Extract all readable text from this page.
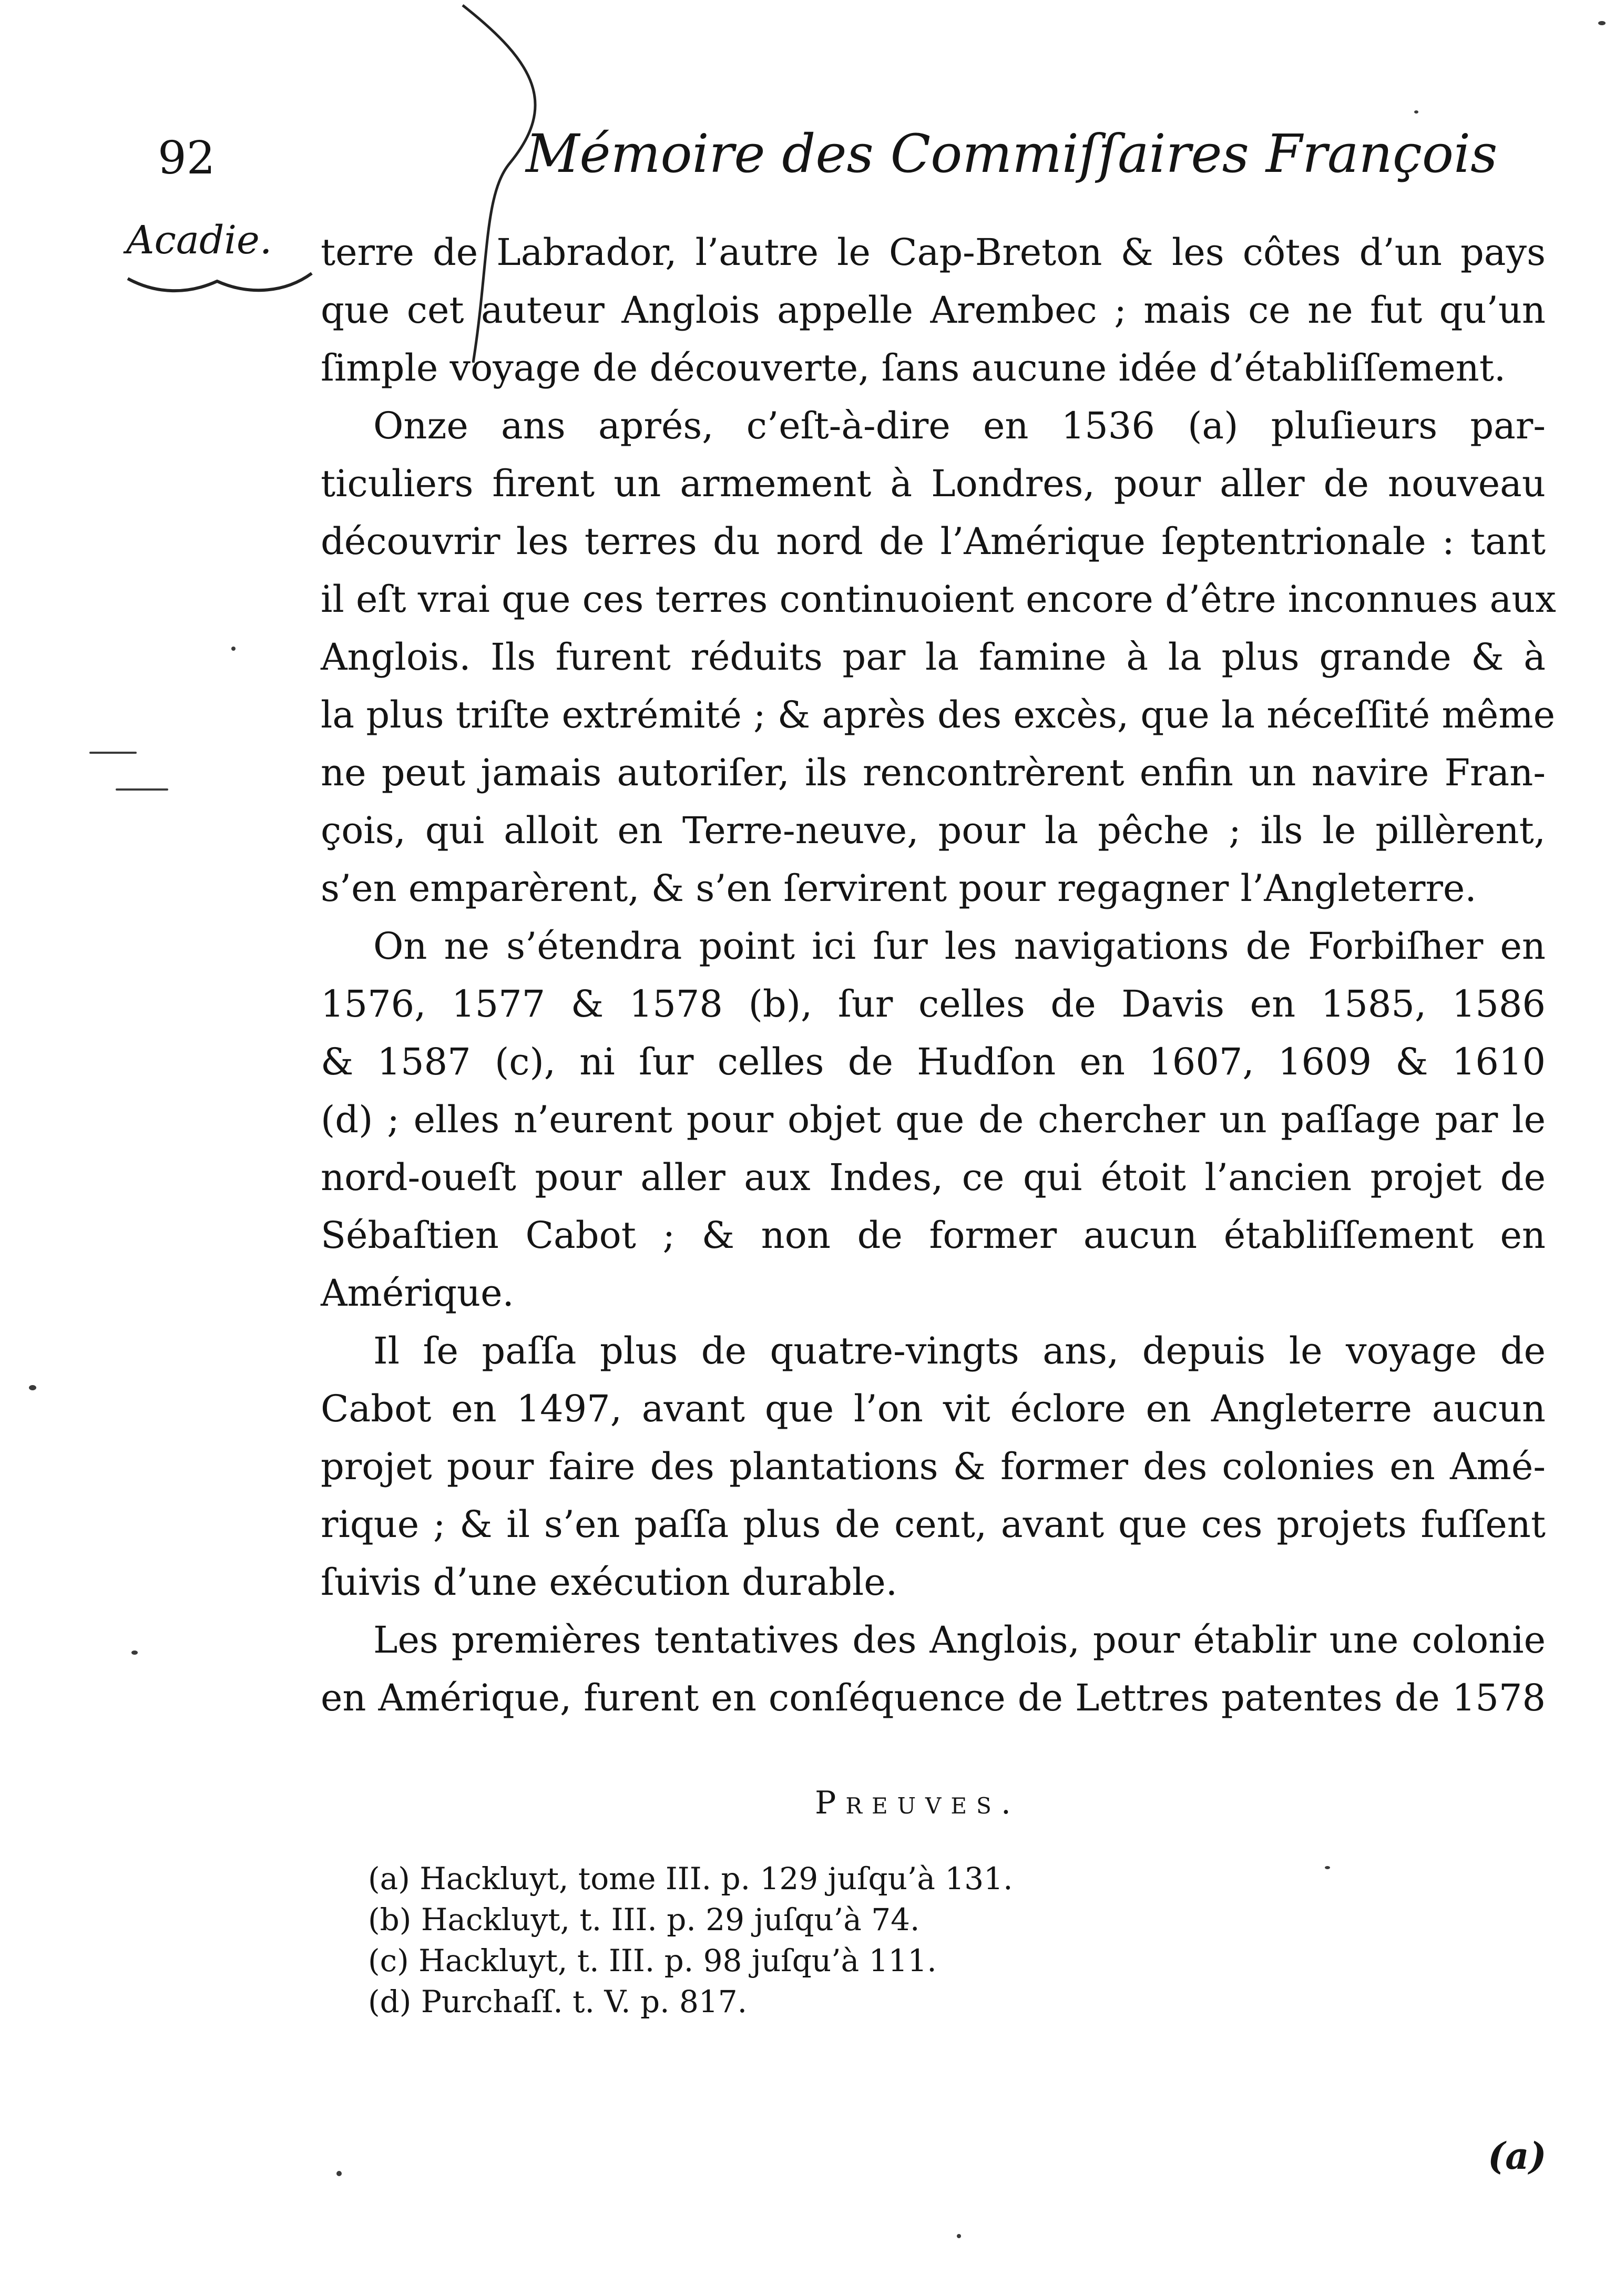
92	Mémoire des Commiſſaires François
Acadie. terre de Labrador, l’autre le Cap-Breton & les côtes d’un pays
que cet auteur Anglois appelle Arembec ; mais ce ne fut qu’un
ſimple voyage de découverte, ſans aucune idée d’établiſſement.
Onze ans aprés, c’eſt-à-dire en 1536 (a) pluſieurs par-
ticuliers firent un armement à Londres, pour aller de nouveau
découvrir les terres du nord de l’Amérique ſeptentrionale : tant
il eſt vrai que ces terres continuoient encore d’être inconnues aux
Anglois. Ils furent réduits par la famine à la plus grande & à
la plus triſte extrémité ; & après des excès, que la néceſſité même
ne peut jamais autoriſer, ils rencontrèrent enfin un navire Fran-
çois, qui alloit en Terre-neuve, pour la pêche ; ils le pillèrent,
s’en emparèrent, & s’en ſervirent pour regagner l’Angleterre.
On ne s’étendra point ici ſur les navigations de Forbiſher en
1576, 1577 & 1578 (b), ſur celles de Davis en 1585, 1586
& 1587 (c), ni ſur celles de Hudſon en 1607, 1609 & 1610
(d) ; elles n’eurent pour objet que de chercher un paſſage par le
nord-oueſt pour aller aux Indes, ce qui étoit l’ancien projet de
Sébaſtien Cabot ; & non de former aucun établiſſement en
Amérique.
Il ſe paſſa plus de quatre-vingts ans, depuis le voyage de
Cabot en 1497, avant que l’on vit éclore en Angleterre aucun
projet pour faire des plantations & former des colonies en Amé-
rique ; & il s’en paſſa plus de cent, avant que ces projets fuſſent
ſuivis d’une exécution durable.
Les premières tentatives des Anglois, pour établir une colonie
en Amérique, furent en conſéquence de Lettres patentes de 1578
Preuves.
(a) Hackluyt, tome III. p. 129 juſqu’à 131.
(b) Hackluyt, t. III. p. 29 juſqu’à 74.
(c) Hackluyt, t. III. p. 98 juſqu’à 111.
(d) Purchaſſ. t. V. p. 817.
(a)
